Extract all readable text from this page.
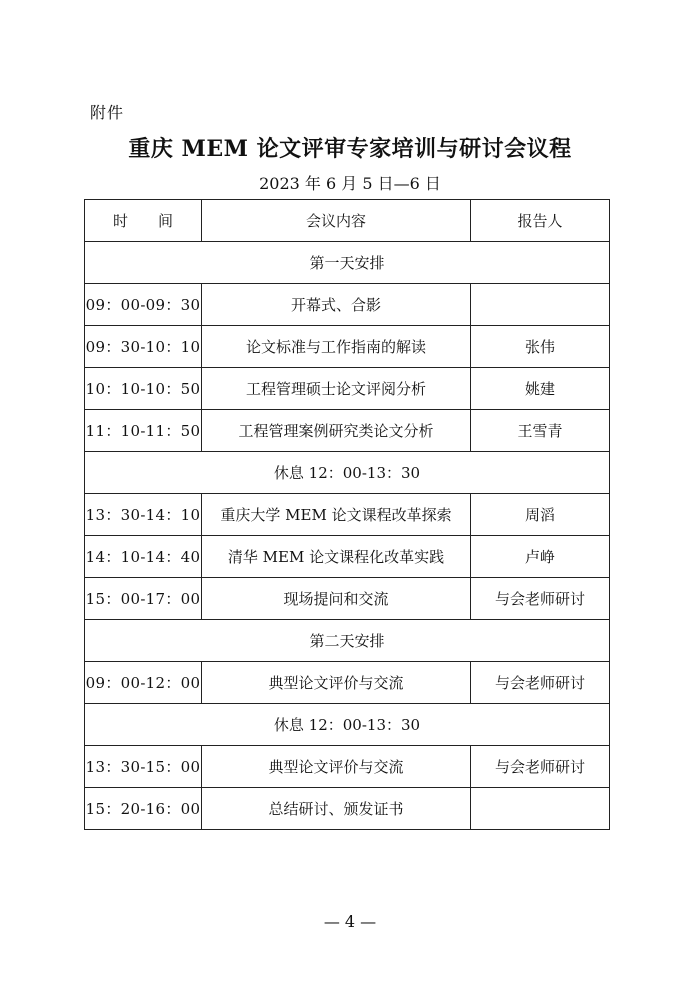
附件
重庆 MEM 论文评审专家培训与研讨会议程
2023 年 6 月 5 日—6 日
时　　间	会议内容	报告人
第一天安排		
09：00-09：30	开幕式、合影	
09：30-10：10	论文标准与工作指南的解读	张伟
10：10-10：50	工程管理硕士论文评阅分析	姚建
11：10-11：50	工程管理案例研究类论文分析	王雪青
休息 12：00-13：30		
13：30-14：10	重庆大学 MEM 论文课程改革探索	周滔
14：10-14：40	清华 MEM 论文课程化改革实践	卢峥
15：00-17：00	现场提问和交流	与会老师研讨
第二天安排		
09：00-12：00	典型论文评价与交流	与会老师研讨
休息 12：00-13：30		
13：30-15：00	典型论文评价与交流	与会老师研讨
15：20-16：00	总结研讨、颁发证书	
— 4 —
